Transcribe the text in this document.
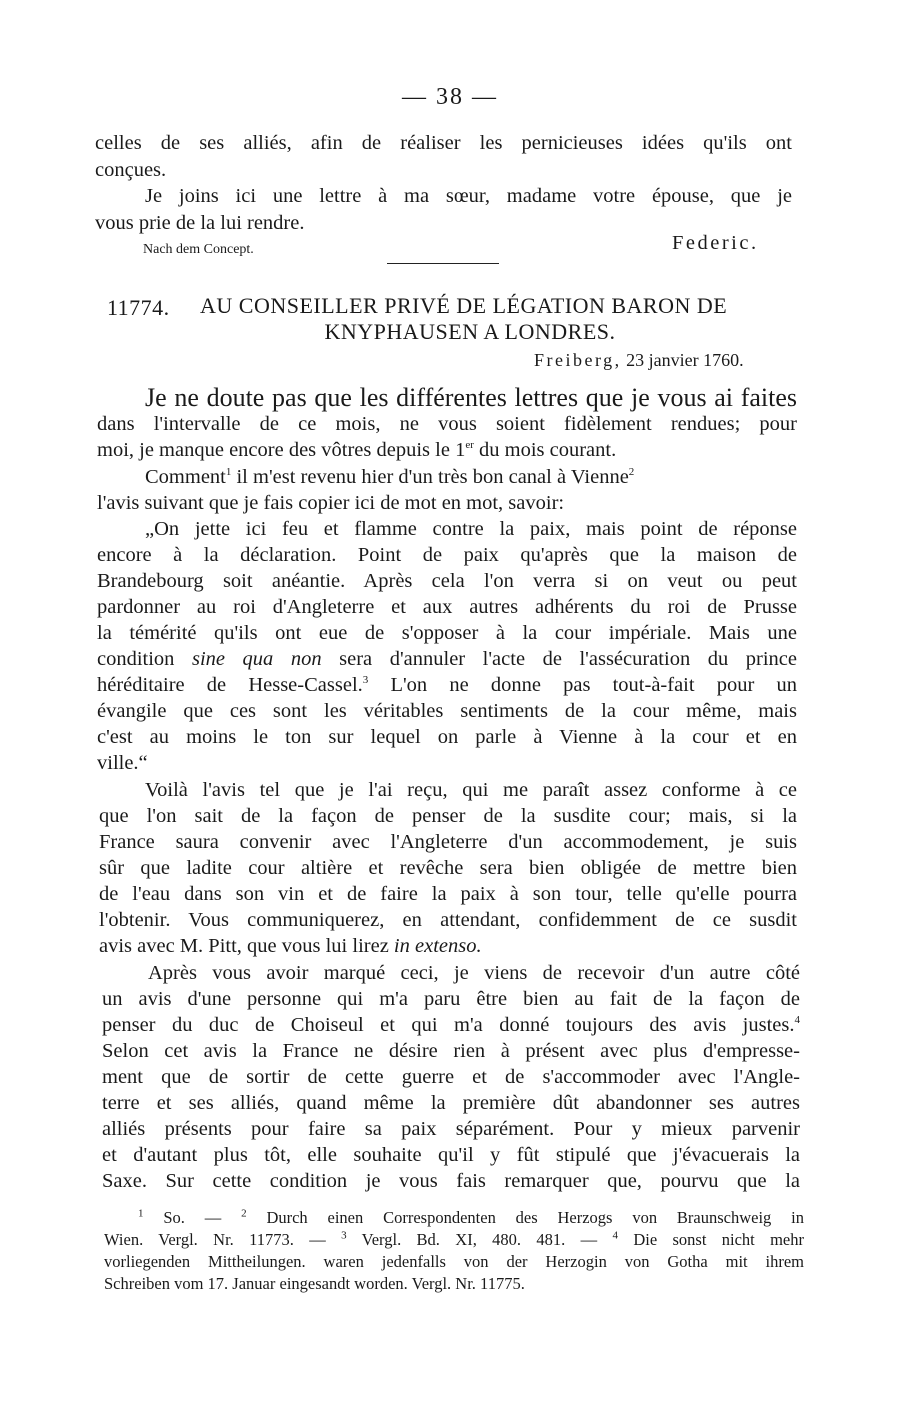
— 38 —
celles de ses alliés, afin de réaliser les pernicieuses idées qu'ils ont
conçues.
Je joins ici une lettre à ma sœur, madame votre épouse, que je
vous prie de la lui rendre.
Nach dem Concept.	Federic.
11774. AU CONSEILLER PRIVÉ DE LÉGATION BARON DE
KNYPHAUSEN A LONDRES.
Freiberg, 23 janvier 1760.
Je ne doute pas que les différentes lettres que je vous ai faites
dans l'intervalle de ce mois, ne vous soient fidèlement rendues; pour
moi, je manque encore des vôtres depuis le 1er du mois courant.
Comment$^1$ il m'est revenu hier d'un très bon canal à Vienne$^2$
l'avis suivant que je fais copier ici de mot en mot, savoir:
„On jette ici feu et flamme contre la paix, mais point de réponse
encore à la déclaration. Point de paix qu'après que la maison de
Brandebourg soit anéantie. Après cela l'on verra si on veut ou peut
pardonner au roi d'Angleterre et aux autres adhérents du roi de Prusse
la témérité qu'ils ont eue de s'opposer à la cour impériale. Mais une
condition sine qua non sera d'annuler l'acte de l'assécuration du prince
héréditaire de Hesse-Cassel.$^3$ L'on ne donne pas tout-à-fait pour un
évangile que ces sont les véritables sentiments de la cour même, mais
c'est au moins le ton sur lequel on parle à Vienne à la cour et en
ville.“
Voilà l'avis tel que je l'ai reçu, qui me paraît assez conforme à ce
que l'on sait de la façon de penser de la susdite cour; mais, si la
France saura convenir avec l'Angleterre d'un accommodement, je suis
sûr que ladite cour altière et revêche sera bien obligée de mettre bien
de l'eau dans son vin et de faire la paix à son tour, telle qu'elle pourra
l'obtenir. Vous communiquerez, en attendant, confidemment de ce susdit
avis avec M. Pitt, que vous lui lirez in extenso.
Après vous avoir marqué ceci, je viens de recevoir d'un autre côté
un avis d'une personne qui m'a paru être bien au fait de la façon de
penser du duc de Choiseul et qui m'a donné toujours des avis justes.$^4$
Selon cet avis la France ne désire rien à présent avec plus d'empresse-
ment que de sortir de cette guerre et de s'accommoder avec l'Angle-
terre et ses alliés, quand même la première dût abandonner ses autres
alliés présents pour faire sa paix séparément. Pour y mieux parvenir
et d'autant plus tôt, elle souhaite qu'il y fût stipulé que j'évacuerais la
Saxe. Sur cette condition je vous fais remarquer que, pourvu que la
$^1$ So. — $^2$ Durch einen Correspondenten des Herzogs von Braunschweig in
Wien. Vergl. Nr. 11773. — $^3$ Vergl. Bd. XI, 480. 481. — $^4$ Die sonst nicht mehr
vorliegenden Mittheilungen. waren jedenfalls von der Herzogin von Gotha mit ihrem
Schreiben vom 17. Januar eingesandt worden. Vergl. Nr. 11775.
